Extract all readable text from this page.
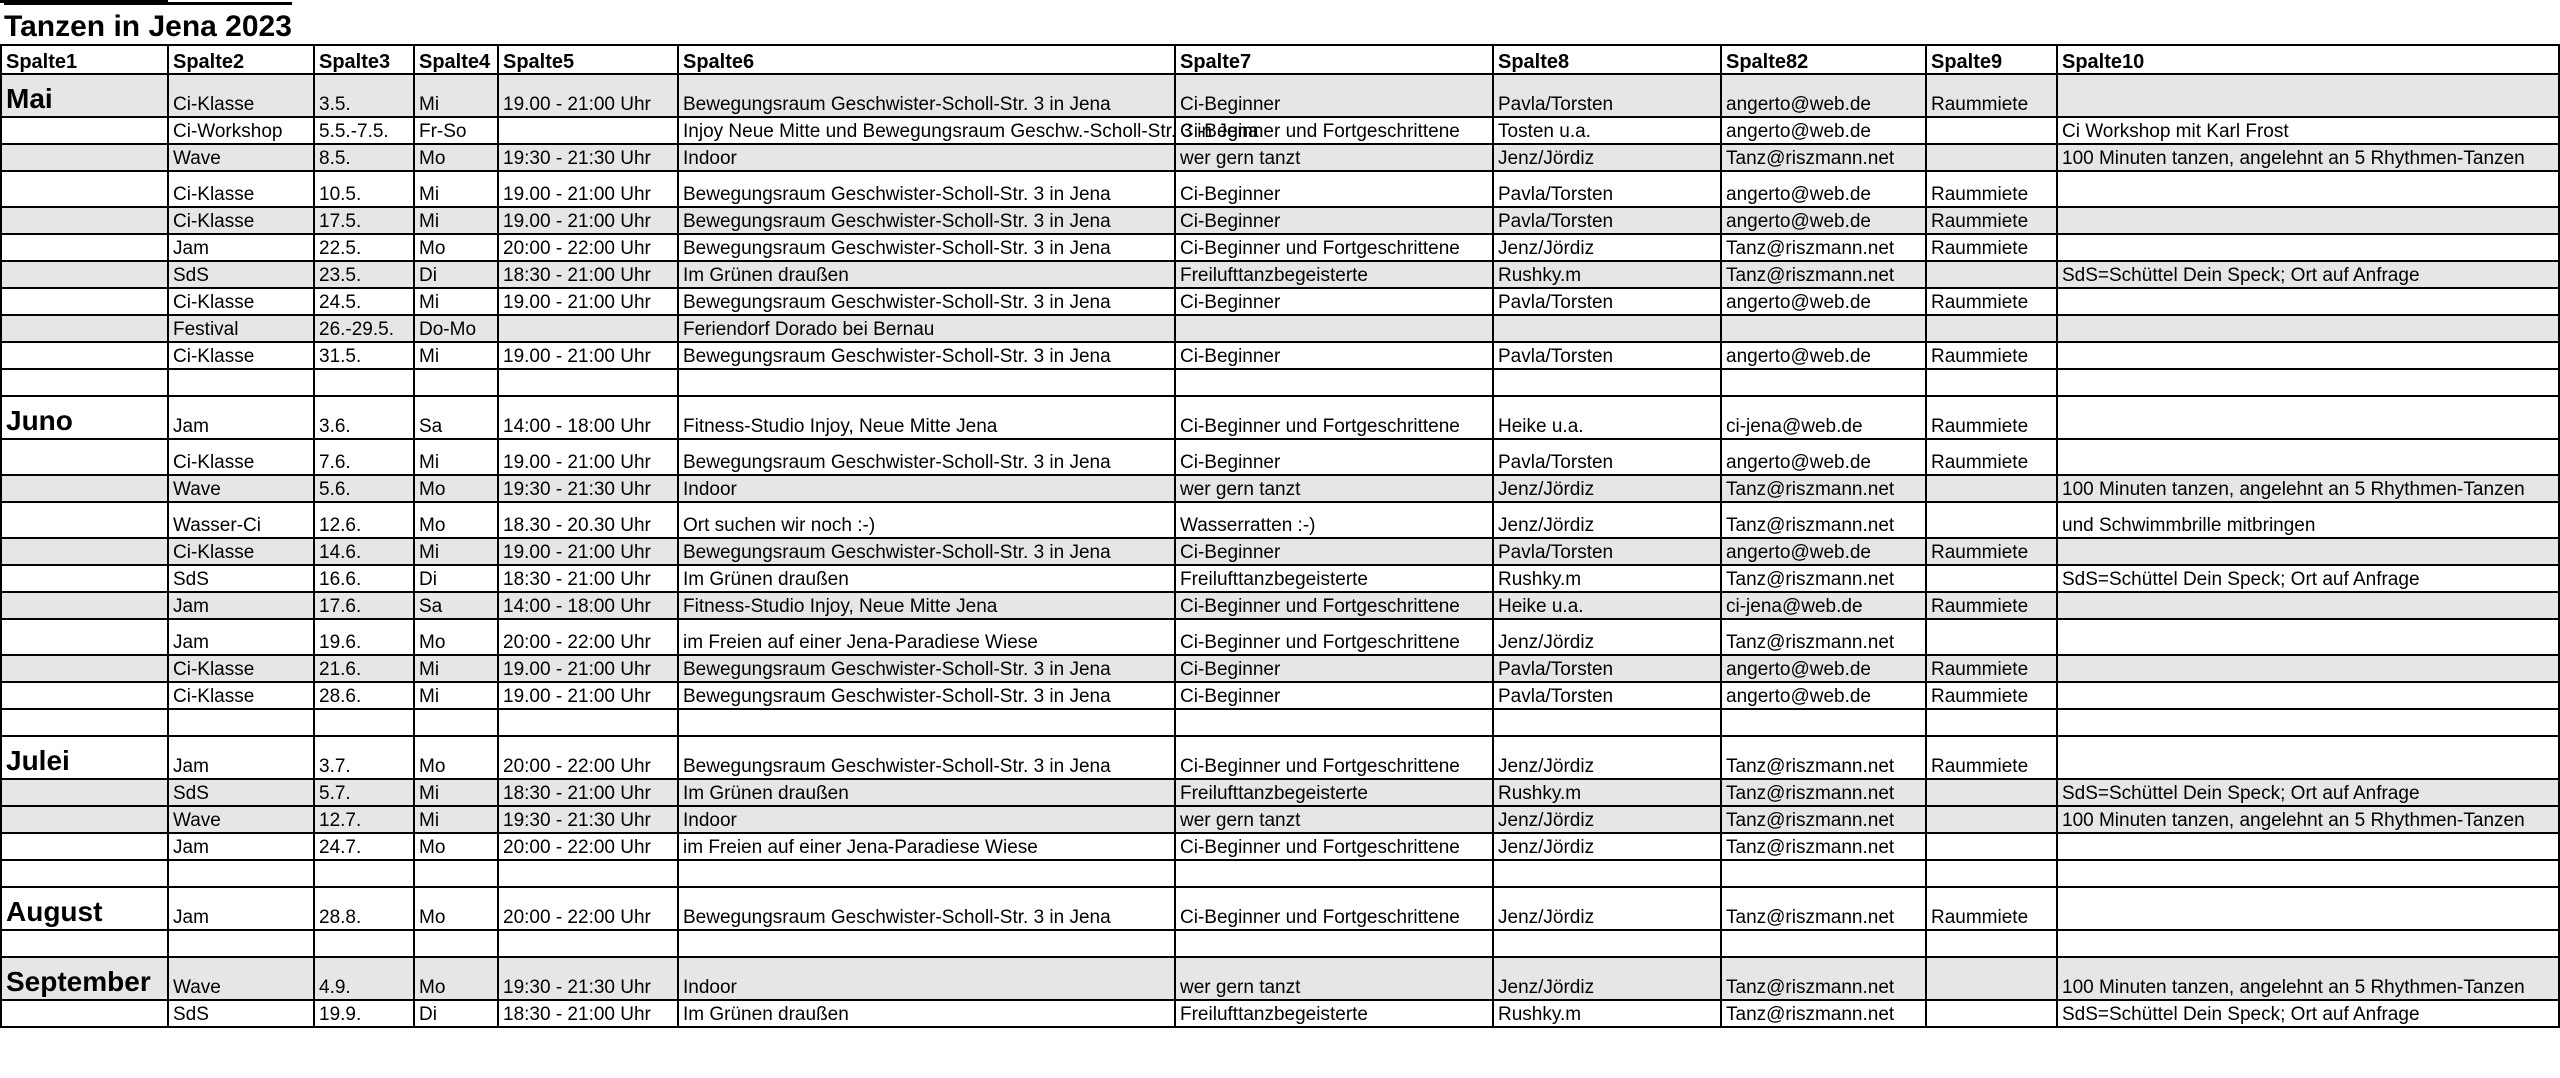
Tanzen in Jena 2023
Spalte1	Spalte2	Spalte3	Spalte4	Spalte5	Spalte6	Spalte7	Spalte8	Spalte82	Spalte9	Spalte10
Mai	Ci-Klasse	3.5.	Mi	19.00 - 21:00 Uhr	Bewegungsraum Geschwister-Scholl-Str. 3 in Jena	Ci-Beginner	Pavla/Torsten	angerto@web.de	Raummiete	
	Ci-Workshop	5.5.-7.5.	Fr-So		Injoy Neue Mitte und Bewegungsraum Geschw.-Scholl-Str. 3 in Jena	Ci-Beginner und Fortgeschrittene	Tosten u.a.	angerto@web.de		Ci Workshop mit Karl Frost
	Wave	8.5.	Mo	19:30 - 21:30 Uhr	Indoor	wer gern tanzt	Jenz/Jördiz	Tanz@riszmann.net		100 Minuten tanzen, angelehnt an 5 Rhythmen-Tanzen
	Ci-Klasse	10.5.	Mi	19.00 - 21:00 Uhr	Bewegungsraum Geschwister-Scholl-Str. 3 in Jena	Ci-Beginner	Pavla/Torsten	angerto@web.de	Raummiete	
	Ci-Klasse	17.5.	Mi	19.00 - 21:00 Uhr	Bewegungsraum Geschwister-Scholl-Str. 3 in Jena	Ci-Beginner	Pavla/Torsten	angerto@web.de	Raummiete	
	Jam	22.5.	Mo	20:00 - 22:00 Uhr	Bewegungsraum Geschwister-Scholl-Str. 3 in Jena	Ci-Beginner und Fortgeschrittene	Jenz/Jördiz	Tanz@riszmann.net	Raummiete	
	SdS	23.5.	Di	18:30 - 21:00 Uhr	Im Grünen draußen	Freilufttanzbegeisterte	Rushky.m	Tanz@riszmann.net		SdS=Schüttel Dein Speck; Ort auf Anfrage
	Ci-Klasse	24.5.	Mi	19.00 - 21:00 Uhr	Bewegungsraum Geschwister-Scholl-Str. 3 in Jena	Ci-Beginner	Pavla/Torsten	angerto@web.de	Raummiete	
	Festival	26.-29.5.	Do-Mo		Feriendorf Dorado bei Bernau					
	Ci-Klasse	31.5.	Mi	19.00 - 21:00 Uhr	Bewegungsraum Geschwister-Scholl-Str. 3 in Jena	Ci-Beginner	Pavla/Torsten	angerto@web.de	Raummiete	

Juno	Jam	3.6.	Sa	14:00 - 18:00 Uhr	Fitness-Studio Injoy, Neue Mitte Jena	Ci-Beginner und Fortgeschrittene	Heike u.a.	ci-jena@web.de	Raummiete	
	Ci-Klasse	7.6.	Mi	19.00 - 21:00 Uhr	Bewegungsraum Geschwister-Scholl-Str. 3 in Jena	Ci-Beginner	Pavla/Torsten	angerto@web.de	Raummiete	
	Wave	5.6.	Mo	19:30 - 21:30 Uhr	Indoor	wer gern tanzt	Jenz/Jördiz	Tanz@riszmann.net		100 Minuten tanzen, angelehnt an 5 Rhythmen-Tanzen
	Wasser-Ci	12.6.	Mo	18.30 - 20.30 Uhr	Ort suchen wir noch :-)	Wasserratten :-)	Jenz/Jördiz	Tanz@riszmann.net		und Schwimmbrille mitbringen
	Ci-Klasse	14.6.	Mi	19.00 - 21:00 Uhr	Bewegungsraum Geschwister-Scholl-Str. 3 in Jena	Ci-Beginner	Pavla/Torsten	angerto@web.de	Raummiete	
	SdS	16.6.	Di	18:30 - 21:00 Uhr	Im Grünen draußen	Freilufttanzbegeisterte	Rushky.m	Tanz@riszmann.net		SdS=Schüttel Dein Speck; Ort auf Anfrage
	Jam	17.6.	Sa	14:00 - 18:00 Uhr	Fitness-Studio Injoy, Neue Mitte Jena	Ci-Beginner und Fortgeschrittene	Heike u.a.	ci-jena@web.de	Raummiete	
	Jam	19.6.	Mo	20:00 - 22:00 Uhr	im Freien auf einer Jena-Paradiese Wiese	Ci-Beginner und Fortgeschrittene	Jenz/Jördiz	Tanz@riszmann.net		
	Ci-Klasse	21.6.	Mi	19.00 - 21:00 Uhr	Bewegungsraum Geschwister-Scholl-Str. 3 in Jena	Ci-Beginner	Pavla/Torsten	angerto@web.de	Raummiete	
	Ci-Klasse	28.6.	Mi	19.00 - 21:00 Uhr	Bewegungsraum Geschwister-Scholl-Str. 3 in Jena	Ci-Beginner	Pavla/Torsten	angerto@web.de	Raummiete	

Julei	Jam	3.7.	Mo	20:00 - 22:00 Uhr	Bewegungsraum Geschwister-Scholl-Str. 3 in Jena	Ci-Beginner und Fortgeschrittene	Jenz/Jördiz	Tanz@riszmann.net	Raummiete	
	SdS	5.7.	Mi	18:30 - 21:00 Uhr	Im Grünen draußen	Freilufttanzbegeisterte	Rushky.m	Tanz@riszmann.net		SdS=Schüttel Dein Speck; Ort auf Anfrage
	Wave	12.7.	Mi	19:30 - 21:30 Uhr	Indoor	wer gern tanzt	Jenz/Jördiz	Tanz@riszmann.net		100 Minuten tanzen, angelehnt an 5 Rhythmen-Tanzen
	Jam	24.7.	Mo	20:00 - 22:00 Uhr	im Freien auf einer Jena-Paradiese Wiese	Ci-Beginner und Fortgeschrittene	Jenz/Jördiz	Tanz@riszmann.net		

August	Jam	28.8.	Mo	20:00 - 22:00 Uhr	Bewegungsraum Geschwister-Scholl-Str. 3 in Jena	Ci-Beginner und Fortgeschrittene	Jenz/Jördiz	Tanz@riszmann.net	Raummiete	

September	Wave	4.9.	Mo	19:30 - 21:30 Uhr	Indoor	wer gern tanzt	Jenz/Jördiz	Tanz@riszmann.net		100 Minuten tanzen, angelehnt an 5 Rhythmen-Tanzen
	SdS	19.9.	Di	18:30 - 21:00 Uhr	Im Grünen draußen	Freilufttanzbegeisterte	Rushky.m	Tanz@riszmann.net		SdS=Schüttel Dein Speck; Ort auf Anfrage
